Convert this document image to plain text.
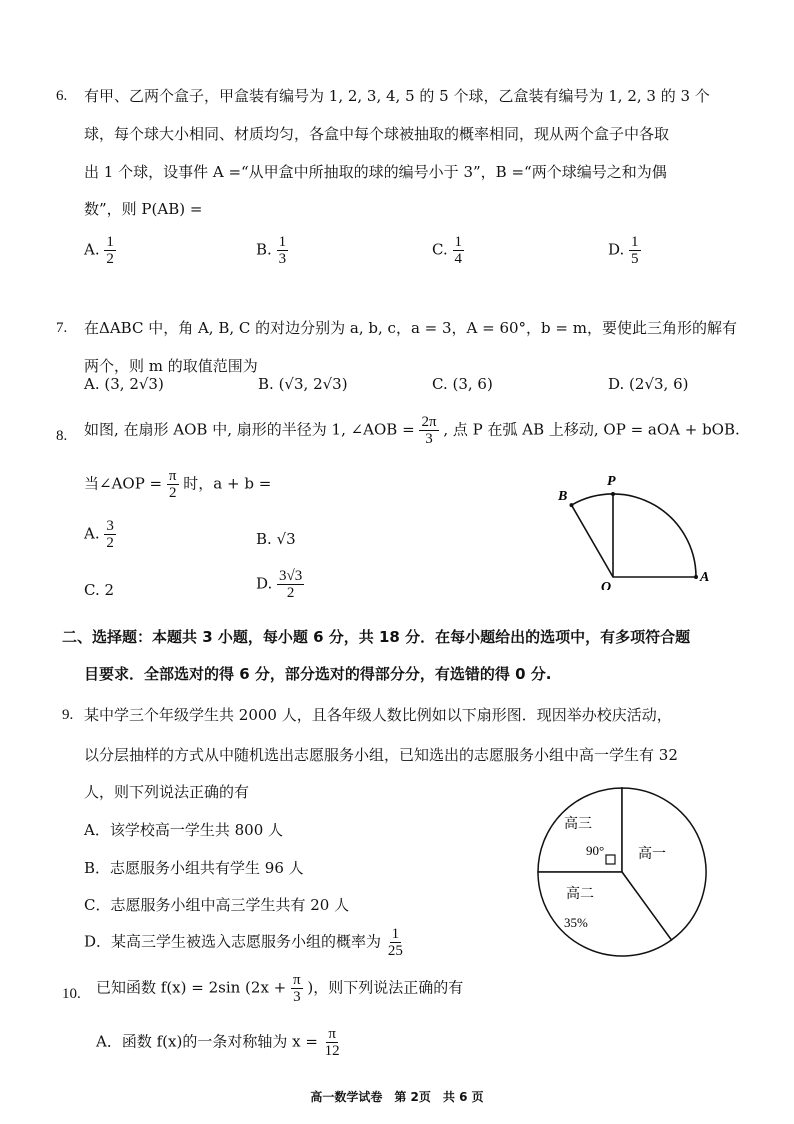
6. 有甲、乙两个盒子，甲盒装有编号为 1, 2, 3, 4, 5 的 5 个球，乙盒装有编号为 1, 2, 3 的 3 个
球，每个球大小相同、材质均匀，各盒中每个球被抽取的概率相同，现从两个盒子中各取
出 1 个球，设事件 A =“从甲盒中所抽取的球的编号小于 3”，B =“两个球编号之和为偶
数”，则 P(AB) =
A. $\frac{1}{2}$	B. $\frac{1}{3}$	C. $\frac{1}{4}$	D. $\frac{1}{5}$
7. 在ΔABC 中，角 A, B, C 的对边分别为 a, b, c，a = 3，A = 60°，b = m，要使此三角形的解有
两个，则 m 的取值范围为
A. (3, 2√3)	B. (√3, 2√3)	C. (3, 6)	D. (2√3, 6)
8. 如图, 在扇形 AOB 中, 扇形的半径为 1, ∠AOB = $\frac{2\pi}{3}$ , 点 P 在弧 AB 上移动, OP = aOA + bOB.
当∠AOP = $\frac{\pi}{2}$ 时，a + b =
A. $\frac{3}{2}$	B. √3
C. 2	D. $\frac{3√3}{2}$
B
P
O
A
二、选择题：本题共 3 小题，每小题 6 分，共 18 分．在每小题给出的选项中，有多项符合题
目要求．全部选对的得 6 分，部分选对的得部分分，有选错的得 0 分.
9. 某中学三个年级学生共 2000 人，且各年级人数比例如以下扇形图．现因举办校庆活动，
以分层抽样的方式从中随机选出志愿服务小组，已知选出的志愿服务小组中高一学生有 32
人，则下列说法正确的有
A．该学校高一学生共 800 人
B．志愿服务小组共有学生 96 人
C．志愿服务小组中高三学生共有 20 人
D．某高三学生被选入志愿服务小组的概率为 $\frac{1}{25}$
高三
高一
高二
90°
35%
10. 已知函数 f(x) = 2sin ($2x + \frac{\pi}{3}$ )，则下列说法正确的有
A．函数 f(x)的一条对称轴为 $x = \frac{\pi}{12}$
高一数学试卷　第 2页　共 6 页
